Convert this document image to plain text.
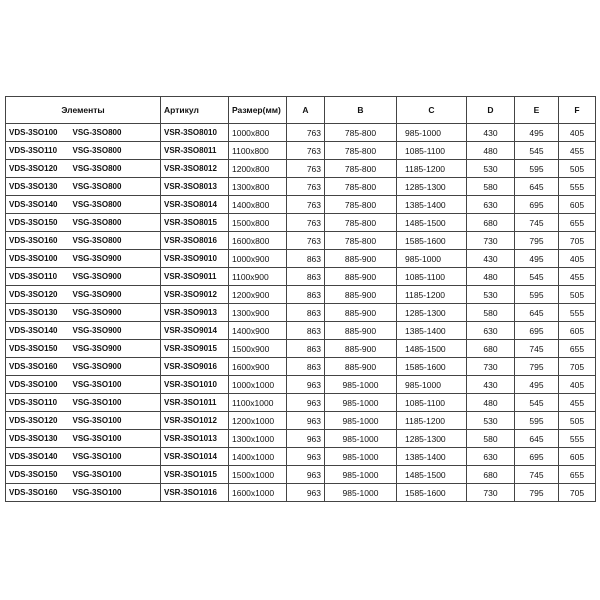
Элементы		Артикул	Размер(мм)	A	B	C	D	E	F
VDS-3SO100	VSG-3SO800	VSR-3SO8010	1000x800	763	785-800	985-1000	430	495	405
VDS-3SO110	VSG-3SO800	VSR-3SO8011	1100x800	763	785-800	1085-1100	480	545	455
VDS-3SO120	VSG-3SO800	VSR-3SO8012	1200x800	763	785-800	1185-1200	530	595	505
VDS-3SO130	VSG-3SO800	VSR-3SO8013	1300x800	763	785-800	1285-1300	580	645	555
VDS-3SO140	VSG-3SO800	VSR-3SO8014	1400x800	763	785-800	1385-1400	630	695	605
VDS-3SO150	VSG-3SO800	VSR-3SO8015	1500x800	763	785-800	1485-1500	680	745	655
VDS-3SO160	VSG-3SO800	VSR-3SO8016	1600x800	763	785-800	1585-1600	730	795	705
VDS-3SO100	VSG-3SO900	VSR-3SO9010	1000x900	863	885-900	985-1000	430	495	405
VDS-3SO110	VSG-3SO900	VSR-3SO9011	1100x900	863	885-900	1085-1100	480	545	455
VDS-3SO120	VSG-3SO900	VSR-3SO9012	1200x900	863	885-900	1185-1200	530	595	505
VDS-3SO130	VSG-3SO900	VSR-3SO9013	1300x900	863	885-900	1285-1300	580	645	555
VDS-3SO140	VSG-3SO900	VSR-3SO9014	1400x900	863	885-900	1385-1400	630	695	605
VDS-3SO150	VSG-3SO900	VSR-3SO9015	1500x900	863	885-900	1485-1500	680	745	655
VDS-3SO160	VSG-3SO900	VSR-3SO9016	1600x900	863	885-900	1585-1600	730	795	705
VDS-3SO100	VSG-3SO100	VSR-3SO1010	1000x1000	963	985-1000	985-1000	430	495	405
VDS-3SO110	VSG-3SO100	VSR-3SO1011	1100x1000	963	985-1000	1085-1100	480	545	455
VDS-3SO120	VSG-3SO100	VSR-3SO1012	1200x1000	963	985-1000	1185-1200	530	595	505
VDS-3SO130	VSG-3SO100	VSR-3SO1013	1300x1000	963	985-1000	1285-1300	580	645	555
VDS-3SO140	VSG-3SO100	VSR-3SO1014	1400x1000	963	985-1000	1385-1400	630	695	605
VDS-3SO150	VSG-3SO100	VSR-3SO1015	1500x1000	963	985-1000	1485-1500	680	745	655
VDS-3SO160	VSG-3SO100	VSR-3SO1016	1600x1000	963	985-1000	1585-1600	730	795	705
